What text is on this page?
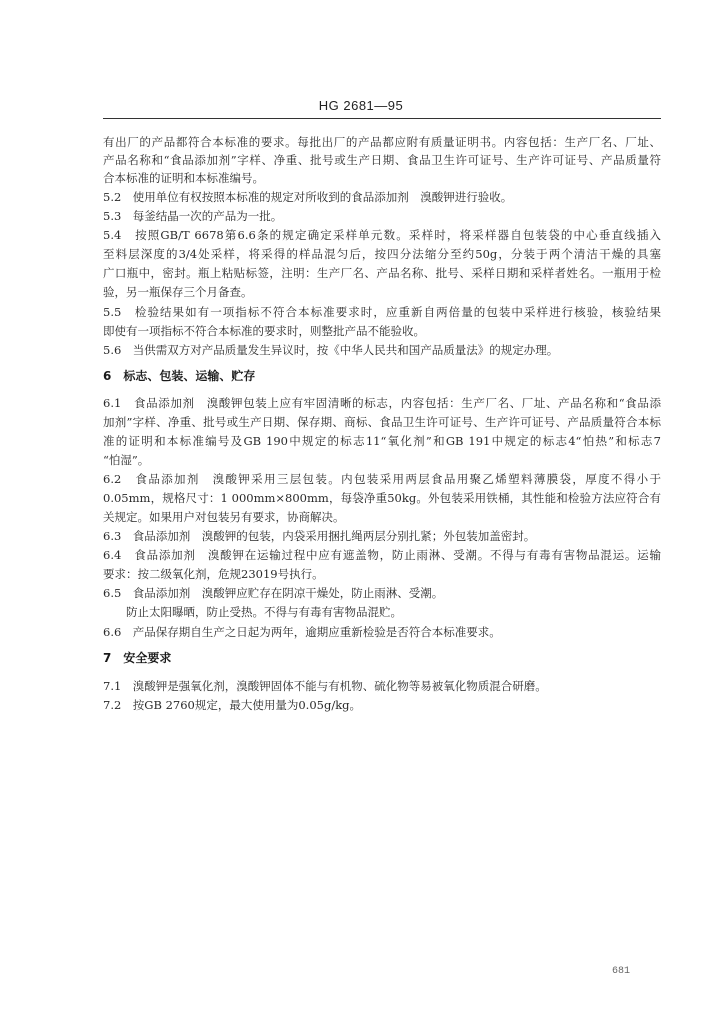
HG 2681—95
有出厂的产品都符合本标准的要求。每批出厂的产品都应附有质量证明书。内容包括：生产厂名、厂址、
产品名称和“食品添加剂”字样、净重、批号或生产日期、食品卫生许可证号、生产许可证号、产品质量符
合本标准的证明和本标准编号。
5.2　使用单位有权按照本标准的规定对所收到的食品添加剂　溴酸钾进行验收。
5.3　每釜结晶一次的产品为一批。
5.4　按照GB/T 6678第6.6条的规定确定采样单元数。采样时，将采样器自包装袋的中心垂直线插入
至料层深度的3/4处采样，将采得的样品混匀后，按四分法缩分至约50g，分装于两个清洁干燥的具塞
广口瓶中，密封。瓶上粘贴标签，注明：生产厂名、产品名称、批号、采样日期和采样者姓名。一瓶用于检
验，另一瓶保存三个月备查。
5.5　检验结果如有一项指标不符合本标准要求时，应重新自两倍量的包装中采样进行核验，核验结果
即使有一项指标不符合本标准的要求时，则整批产品不能验收。
5.6　当供需双方对产品质量发生异议时，按《中华人民共和国产品质量法》的规定办理。
6　标志、包装、运输、贮存
6.1　食品添加剂　溴酸钾包装上应有牢固清晰的标志，内容包括：生产厂名、厂址、产品名称和“食品添
加剂”字样、净重、批号或生产日期、保存期、商标、食品卫生许可证号、生产许可证号、产品质量符合本标
准的证明和本标准编号及GB 190中规定的标志11“氧化剂”和GB 191中规定的标志4“怕热”和标志7
“怕湿”。
6.2　食品添加剂　溴酸钾采用三层包装。内包装采用两层食品用聚乙烯塑料薄膜袋，厚度不得小于
0.05mm，规格尺寸：1 000mm×800mm，每袋净重50kg。外包装采用铁桶，其性能和检验方法应符合有
关规定。如果用户对包装另有要求，协商解决。
6.3　食品添加剂　溴酸钾的包装，内袋采用捆扎绳两层分别扎紧；外包装加盖密封。
6.4　食品添加剂　溴酸钾在运输过程中应有遮盖物，防止雨淋、受潮。不得与有毒有害物品混运。运输
要求：按二级氧化剂，危规23019号执行。
6.5　食品添加剂　溴酸钾应贮存在阴凉干燥处，防止雨淋、受潮。
　　防止太阳曝晒，防止受热。不得与有毒有害物品混贮。
6.6　产品保存期自生产之日起为两年，逾期应重新检验是否符合本标准要求。
7　安全要求
7.1　溴酸钾是强氧化剂，溴酸钾固体不能与有机物、硫化物等易被氧化物质混合研磨。
7.2　按GB 2760规定，最大使用量为0.05g/kg。
681
